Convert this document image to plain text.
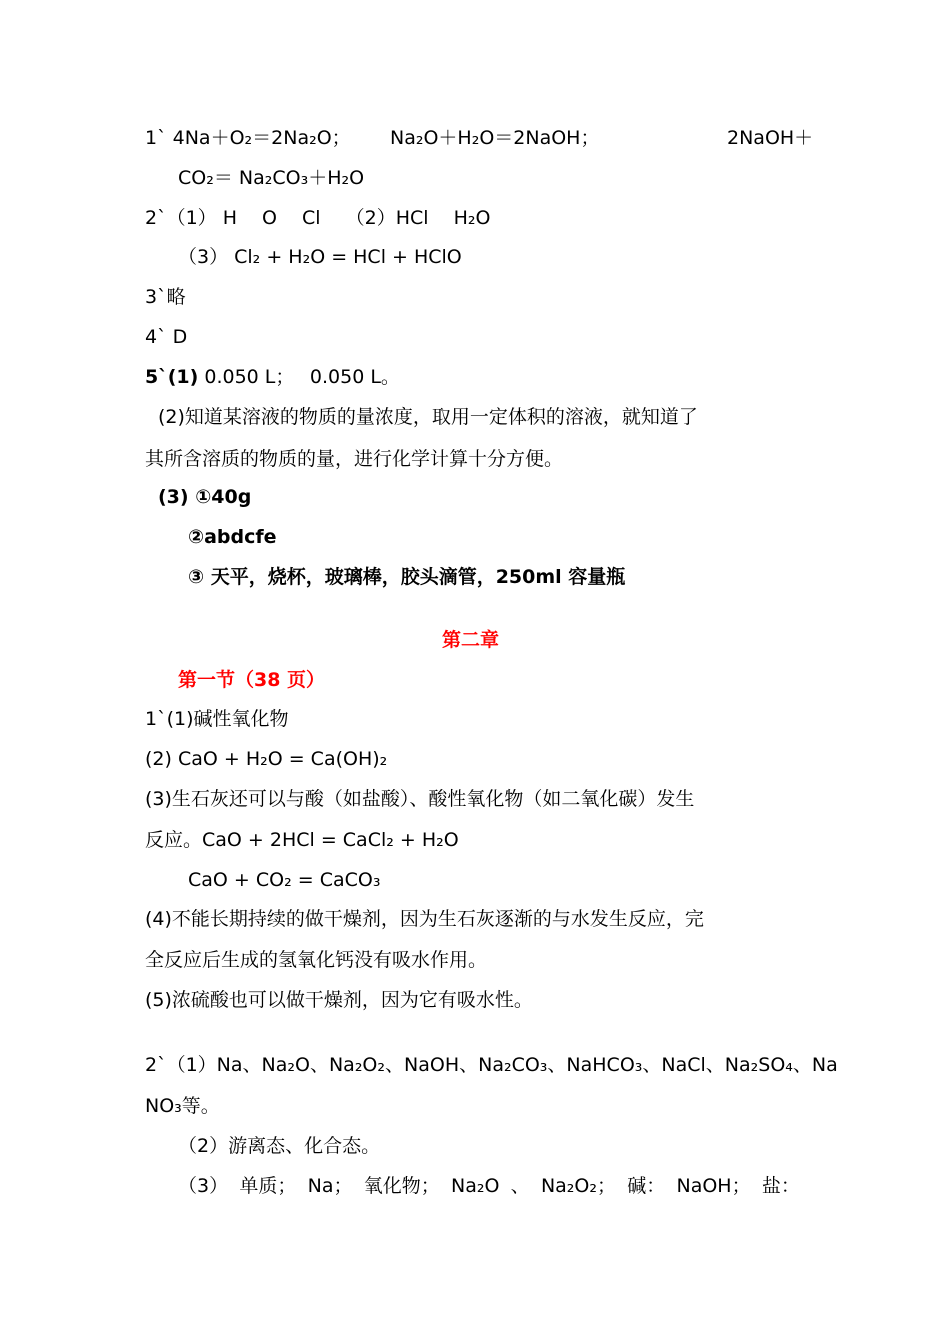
1` 4Na＋O₂＝2Na₂O； Na₂O＋H₂O＝2NaOH；	2NaOH＋
CO₂＝ Na₂CO₃＋H₂O
2`（1） H　 O　 Cl　 （2）HCl　 H₂O
（3） Cl₂ + H₂O = HCl + HClO
3`略
4` D
5`(1) 0.050 L；　 0.050 L。
(2)知道某溶液的物质的量浓度，取用一定体积的溶液，就知道了
其所含溶质的物质的量，进行化学计算十分方便。
(3) ①40g
②abdcfe
③ 天平，烧杯，玻璃棒，胶头滴管，250ml 容量瓶
第二章
第一节（38 页）
1`(1)碱性氧化物
(2) CaO + H₂O = Ca(OH)₂
(3)生石灰还可以与酸（如盐酸）、酸性氧化物（如二氧化碳）发生
反应。CaO + 2HCl = CaCl₂ + H₂O
CaO + CO₂ = CaCO₃
(4)不能长期持续的做干燥剂，因为生石灰逐渐的与水发生反应，完
全反应后生成的氢氧化钙没有吸水作用。
(5)浓硫酸也可以做干燥剂，因为它有吸水性。
2`（1）Na、Na₂O、Na₂O₂、NaOH、Na₂CO₃、NaHCO₃、NaCl、Na₂SO₄、Na
NO₃等。
（2）游离态、化合态。
（3） 单质； Na； 氧化物； Na₂O 、 Na₂O₂； 碱： NaOH； 盐：
